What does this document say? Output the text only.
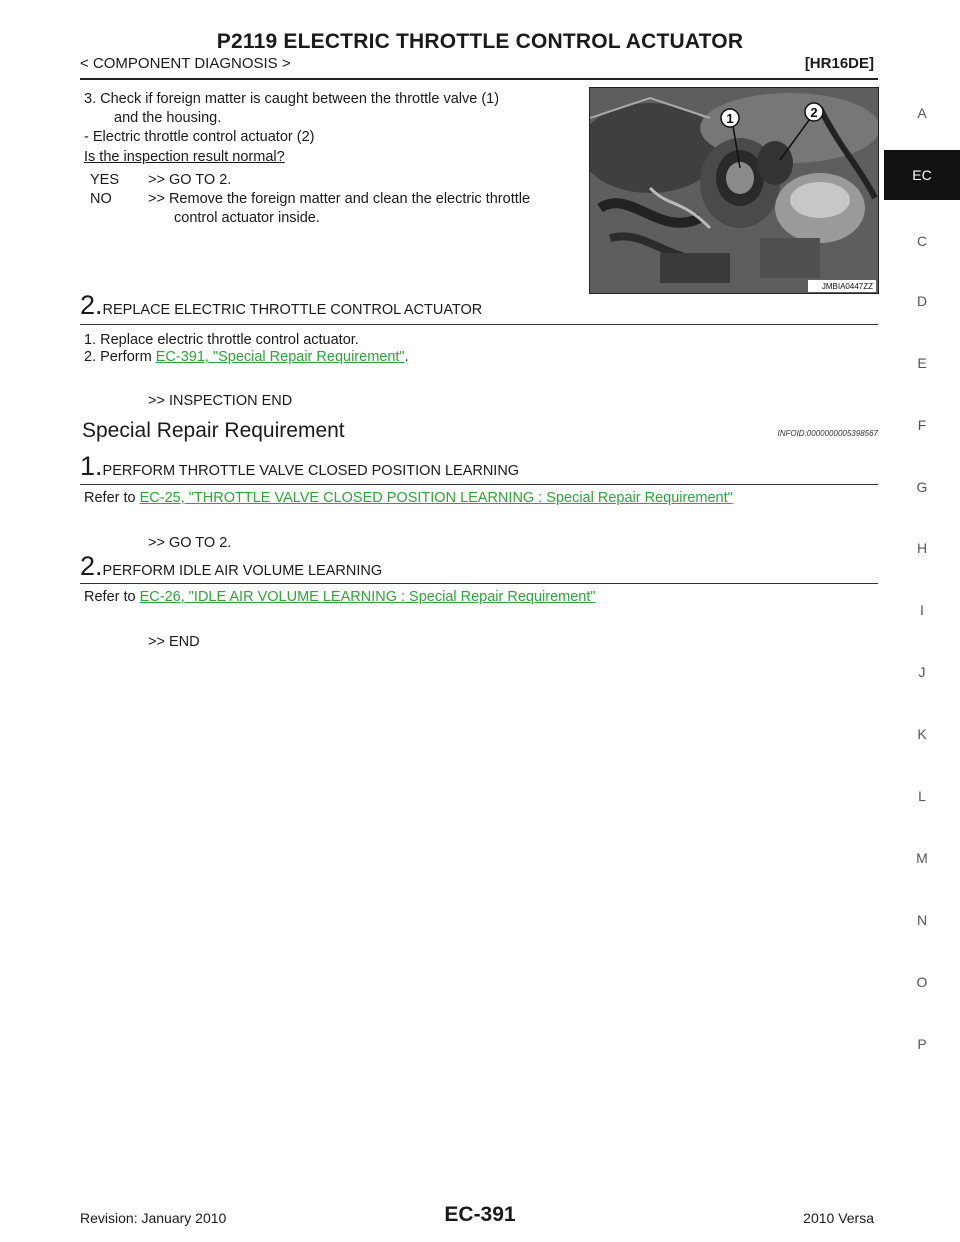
P2119 ELECTRIC THROTTLE CONTROL ACTUATOR
< COMPONENT DIAGNOSIS >	[HR16DE]
3. Check if foreign matter is caught between the throttle valve (1)
and the housing.
- Electric throttle control actuator (2)
Is the inspection result normal?
YES >> GO TO 2.
NO	>> Remove the foreign matter and clean the electric throttle
control actuator inside.
1	2
JMBIA0447ZZ
2.REPLACE ELECTRIC THROTTLE CONTROL ACTUATOR
1. Replace electric throttle control actuator.
2. Perform EC-391, "Special Repair Requirement".
>> INSPECTION END
Special Repair Requirement	INFOID:0000000005398567
1.PERFORM THROTTLE VALVE CLOSED POSITION LEARNING
Refer to EC-25, "THROTTLE VALVE CLOSED POSITION LEARNING : Special Repair Requirement"
>> GO TO 2.
2.PERFORM IDLE AIR VOLUME LEARNING
Refer to EC-26, "IDLE AIR VOLUME LEARNING : Special Repair Requirement"
>> END
A
EC
C
D
E
F
G
H
I
J
K
L
M
N
O
P
Revision: January 2010	EC-391	2010 Versa
